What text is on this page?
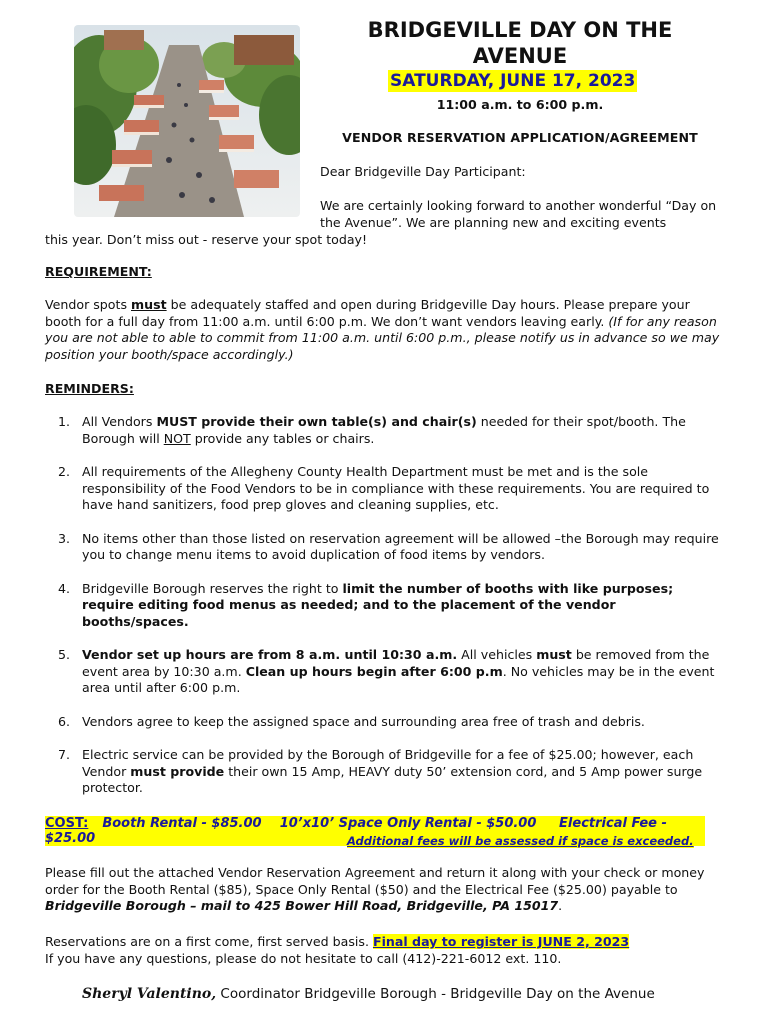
BRIDGEVILLE DAY ON THE AVENUE
SATURDAY, JUNE 17, 2023
11:00 a.m. to 6:00 p.m.
VENDOR RESERVATION APPLICATION/AGREEMENT
Dear Bridgeville Day Participant:
We are certainly looking forward to another wonderful “Day on the Avenue”. We are planning new and exciting events
this year. Don’t miss out - reserve your spot today!
REQUIREMENT:
Vendor spots must be adequately staffed and open during Bridgeville Day hours. Please prepare your booth for a full day from 11:00 a.m. until 6:00 p.m. We don’t want vendors leaving early. (If for any reason you are not able to able to commit from 11:00 a.m. until 6:00 p.m., please notify us in advance so we may position your booth/space accordingly.)
REMINDERS:
1. All Vendors MUST provide their own table(s) and chair(s) needed for their spot/booth. The Borough will NOT provide any tables or chairs.
2. All requirements of the Allegheny County Health Department must be met and is the sole responsibility of the Food Vendors to be in compliance with these requirements. You are required to have hand sanitizers, food prep gloves and cleaning supplies, etc.
3. No items other than those listed on reservation agreement will be allowed –the Borough may require you to change menu items to avoid duplication of food items by vendors.
4. Bridgeville Borough reserves the right to limit the number of booths with like purposes; require editing food menus as needed; and to the placement of the vendor booths/spaces.
5. Vendor set up hours are from 8 a.m. until 10:30 a.m. All vehicles must be removed from the event area by 10:30 a.m. Clean up hours begin after 6:00 p.m. No vehicles may be in the event area until after 6:00 p.m.
6. Vendors agree to keep the assigned space and surrounding area free of trash and debris.
7. Electric service can be provided by the Borough of Bridgeville for a fee of $25.00; however, each Vendor must provide their own 15 Amp, HEAVY duty 50’ extension cord, and 5 Amp power surge protector.
COST: Booth Rental - $85.00 10’x10’ Space Only Rental - $50.00 Electrical Fee - $25.00	Additional fees will be assessed if space is exceeded.
Please fill out the attached Vendor Reservation Agreement and return it along with your check or money order for the Booth Rental ($85), Space Only Rental ($50) and the Electrical Fee ($25.00) payable to Bridgeville Borough – mail to 425 Bower Hill Road, Bridgeville, PA 15017.
Reservations are on a first come, first served basis. Final day to register is JUNE 2, 2023
If you have any questions, please do not hesitate to call (412)-221-6012 ext. 110.
Sheryl Valentino, Coordinator Bridgeville Borough - Bridgeville Day on the Avenue
